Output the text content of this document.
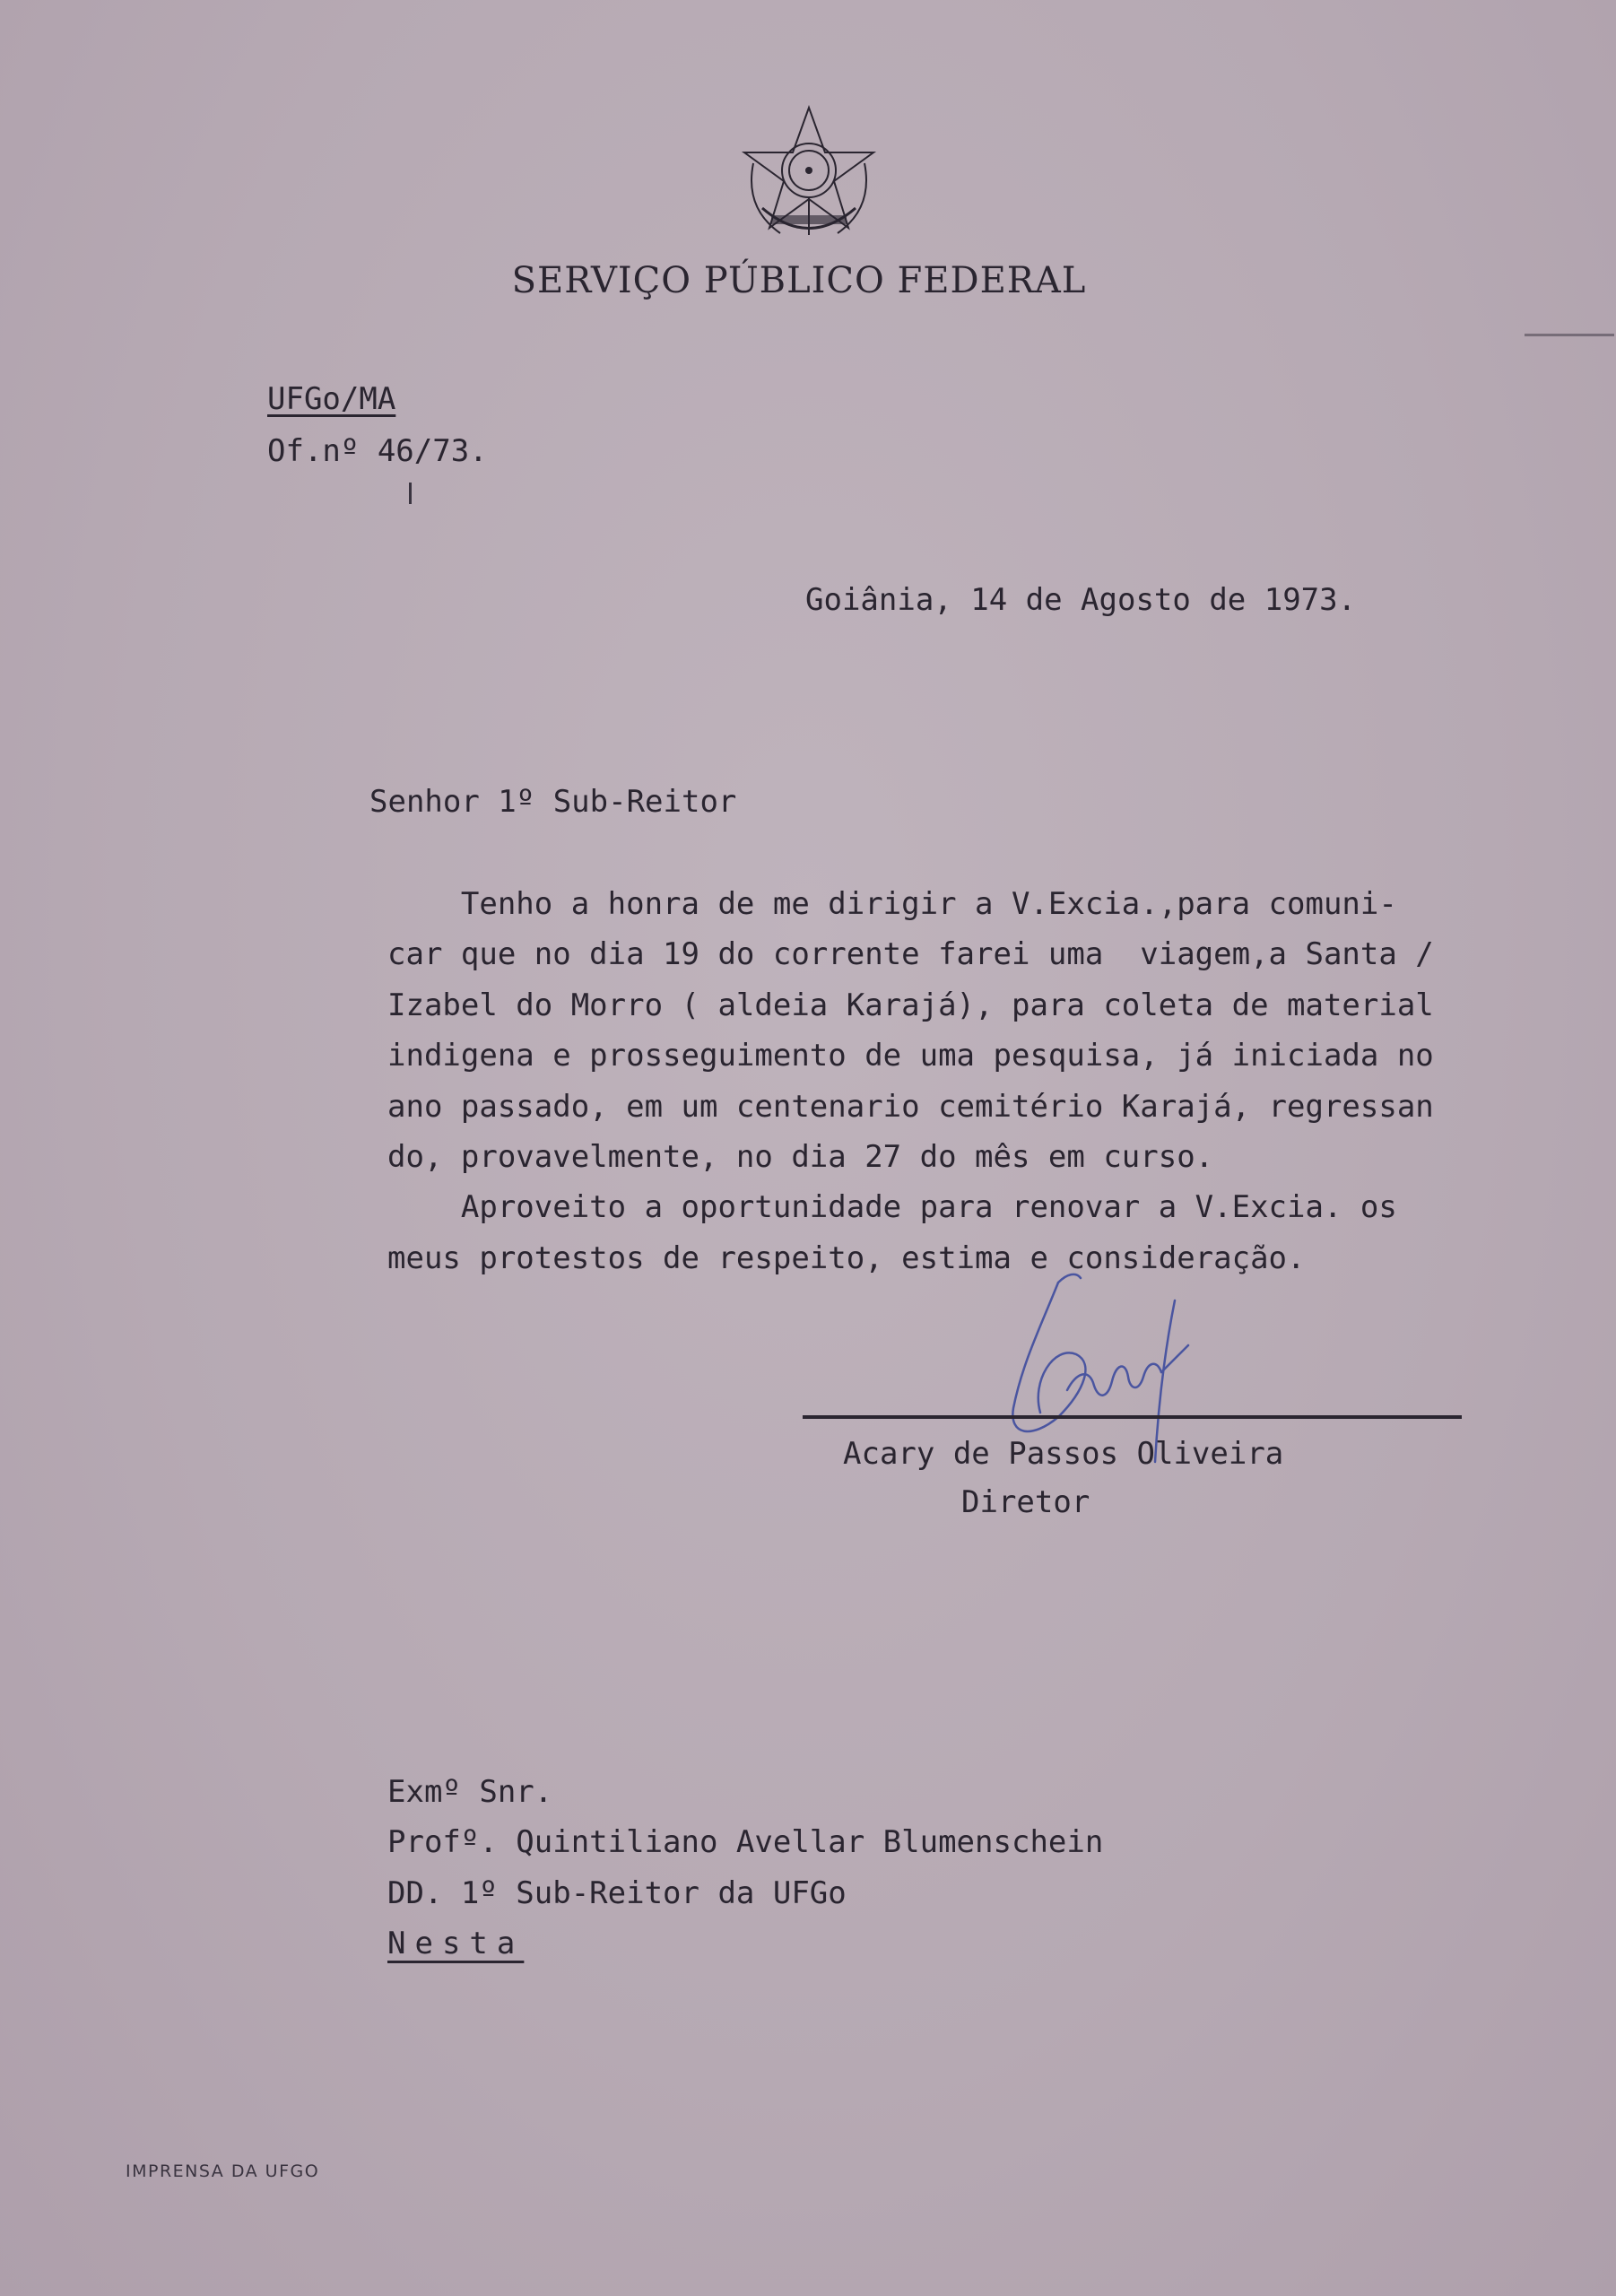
SERVIÇO PÚBLICO FEDERAL
UFGo/MA
Of.nº 46/73.
Goiânia, 14 de Agosto de 1973.
Senhor 1º Sub-Reitor
Tenho a honra de me dirigir a V.Excia.,para comuni-
car que no dia 19 do corrente farei uma  viagem,a Santa /
Izabel do Morro ( aldeia Karajá), para coleta de material
indigena e prosseguimento de uma pesquisa, já iniciada no
ano passado, em um centenario cemitério Karajá, regressan
do, provavelmente, no dia 27 do mês em curso.
Aproveito a oportunidade para renovar a V.Excia. os
meus protestos de respeito, estima e consideração.
Acary de Passos Oliveira
Diretor
Exmº Snr.
Profº. Quintiliano Avellar Blumenschein
DD. 1º Sub-Reitor da UFGo
Nesta
IMPRENSA DA UFGO
